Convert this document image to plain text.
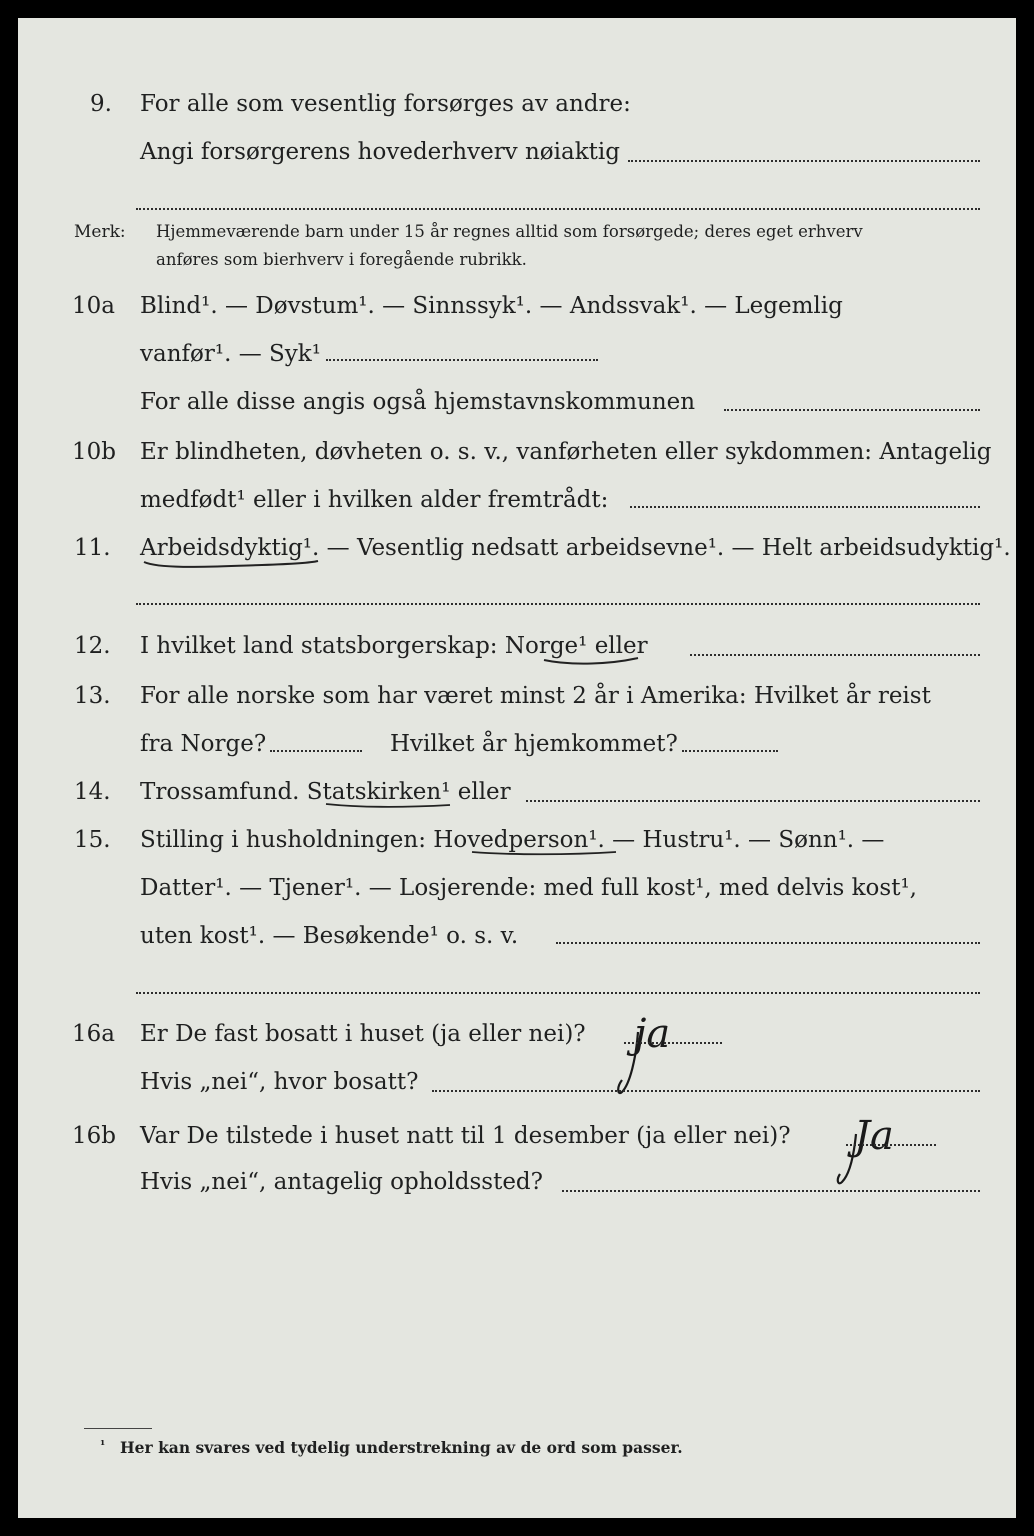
9. For alle som vesentlig forsørges av andre:
Angi forsørgerens hovederhverv nøiaktig
Merk: Hjemmeværende barn under 15 år regnes alltid som forsørgede; deres eget erhverv
anføres som bierhverv i foregående rubrikk.
10a Blind¹. — Døvstum¹. — Sinnssyk¹. — Andssvak¹. — Legemlig
vanfør¹. — Syk¹
For alle disse angis også hjemstavnskommunen
10b Er blindheten, døvheten o. s. v., vanførheten eller sykdommen: Antagelig
medfødt¹ eller i hvilken alder fremtrådt:
11. Arbeidsdyktig¹. — Vesentlig nedsatt arbeidsevne¹. — Helt arbeidsudyktig¹.
12. I hvilket land statsborgerskap: Norge¹ eller
13. For alle norske som har været minst 2 år i Amerika: Hvilket år reist
fra Norge?	Hvilket år hjemkommet?
14. Trossamfund. Statskirken¹ eller
15. Stilling i husholdningen: Hovedperson¹. — Hustru¹. — Sønn¹. —
Datter¹. — Tjener¹. — Losjerende: med full kost¹, med delvis kost¹,
uten kost¹. — Besøkende¹ o. s. v.
16a Er De fast bosatt i huset (ja eller nei)? ja
Hvis „nei“, hvor bosatt?
16b Var De tilstede i huset natt til 1 desember (ja eller nei)? Ja
Hvis „nei“, antagelig opholdssted?
¹ Her kan svares ved tydelig understrekning av de ord som passer.
